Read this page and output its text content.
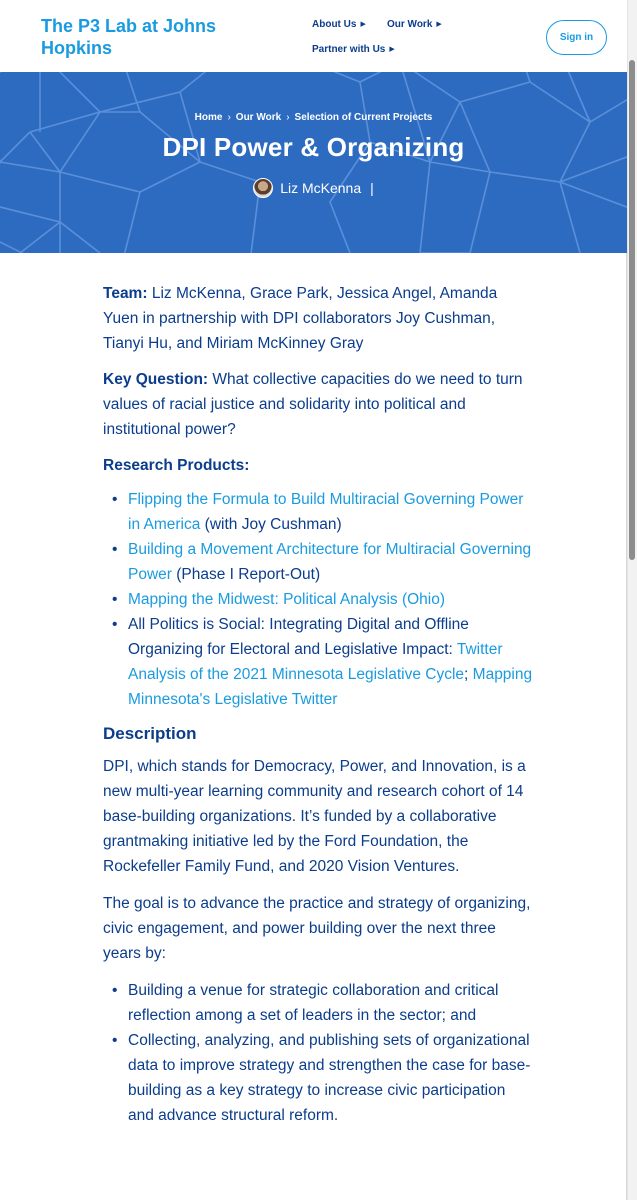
The P3 Lab at Johns Hopkins
About Us ▶ Our Work ▶
Partner with Us ▶
Sign in
Home › Our Work › Selection of Current Projects
DPI Power & Organizing
Liz McKenna |

Team: Liz McKenna, Grace Park, Jessica Angel, Amanda Yuen in partnership with DPI collaborators Joy Cushman, Tianyi Hu, and Miriam McKinney Gray

Key Question: What collective capacities do we need to turn values of racial justice and solidarity into political and institutional power?

Research Products:
• Flipping the Formula to Build Multiracial Governing Power in America (with Joy Cushman)
• Building a Movement Architecture for Multiracial Governing Power (Phase I Report-Out)
• Mapping the Midwest: Political Analysis (Ohio)
• All Politics is Social: Integrating Digital and Offline Organizing for Electoral and Legislative Impact: Twitter Analysis of the 2021 Minnesota Legislative Cycle; Mapping Minnesota's Legislative Twitter
Description

DPI, which stands for Democracy, Power, and Innovation, is a new multi-year learning community and research cohort of 14 base-building organizations. It’s funded by a collaborative grantmaking initiative led by the Ford Foundation, the Rockefeller Family Fund, and 2020 Vision Ventures.

The goal is to advance the practice and strategy of organizing, civic engagement, and power building over the next three years by:

• Building a venue for strategic collaboration and critical reflection among a set of leaders in the sector; and
• Collecting, analyzing, and publishing sets of organizational data to improve strategy and strengthen the case for base-building as a key strategy to increase civic participation and advance structural reform.
